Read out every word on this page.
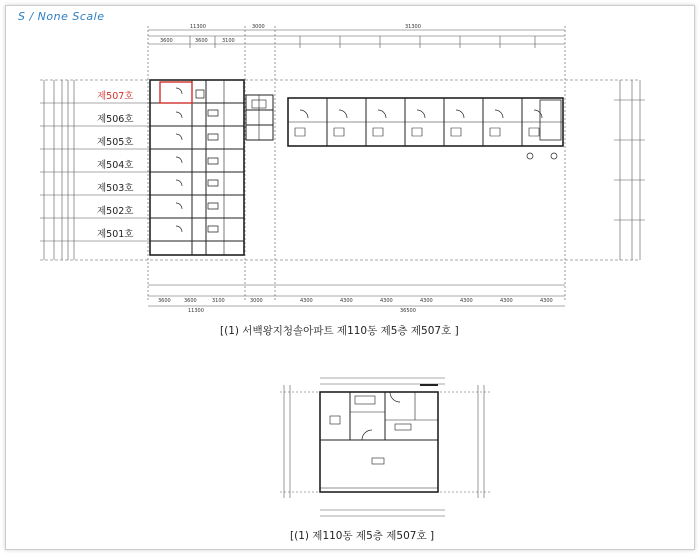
S / None Scale
11300	3000	31300
3600	3600	3100
3600	3600	3100	3000	4300	4300	4300	4300	4300	4300	4300
11300	36500
제507호
제506호
제505호
제504호
제503호
제502호
제501호
[(1) 서백왕지청솔아파트 제110동 제5층 제507호 ]
[(1) 제110동 제5층 제507호 ]
